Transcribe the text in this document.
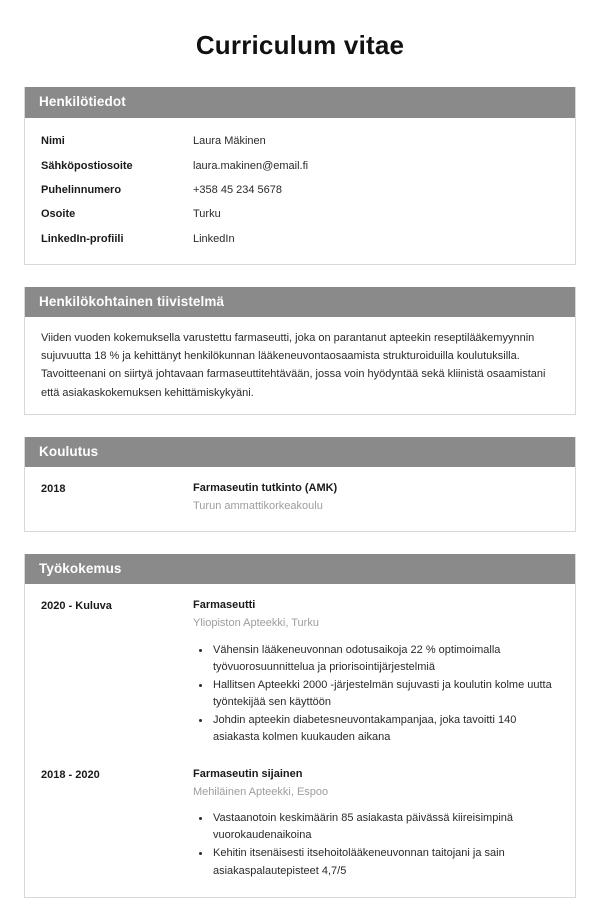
Curriculum vitae
Henkilötiedot
Nimi	Laura Mäkinen
Sähköpostiosoite	laura.makinen@email.fi
Puhelinnumero	+358 45 234 5678
Osoite	Turku
LinkedIn-profiili	LinkedIn
Henkilökohtainen tiivistelmä

Viiden vuoden kokemuksella varustettu farmaseutti, joka on parantanut apteekin reseptilääkemyynnin sujuvuutta 18 % ja kehittänyt henkilökunnan lääkeneuvontaosaamista strukturoiduilla koulutuksilla. Tavoitteenani on siirtyä johtavaan farmaseuttitehtävään, jossa voin hyödyntää sekä kliinistä osaamistani että asiakaskokemuksen kehittämiskykyäni.

Koulutus
2018	Farmaseutin tutkinto (AMK)
Turun ammattikorkeakoulu
Työkokemus
2020 - Kuluva	Farmaseutti
Yliopiston Apteekki, Turku
• Vähensin lääkeneuvonnan odotusaikoja 22 % optimoimalla työvuorosuunnittelua ja priorisointijärjestelmiä
• Hallitsen Apteekki 2000 -järjestelmän sujuvasti ja koulutin kolme uutta työntekijää sen käyttöön
• Johdin apteekin diabetesneuvontakampanjaa, joka tavoitti 140 asiakasta kolmen kuukauden aikana
2018 - 2020	Farmaseutin sijainen
Mehiläinen Apteekki, Espoo
• Vastaanotoin keskimäärin 85 asiakasta päivässä kiireisimpinä vuorokaudenaikoina
• Kehitin itsenäisesti itsehoitolääkeneuvonnan taitojani ja sain asiakaspalautepisteet 4,7/5
